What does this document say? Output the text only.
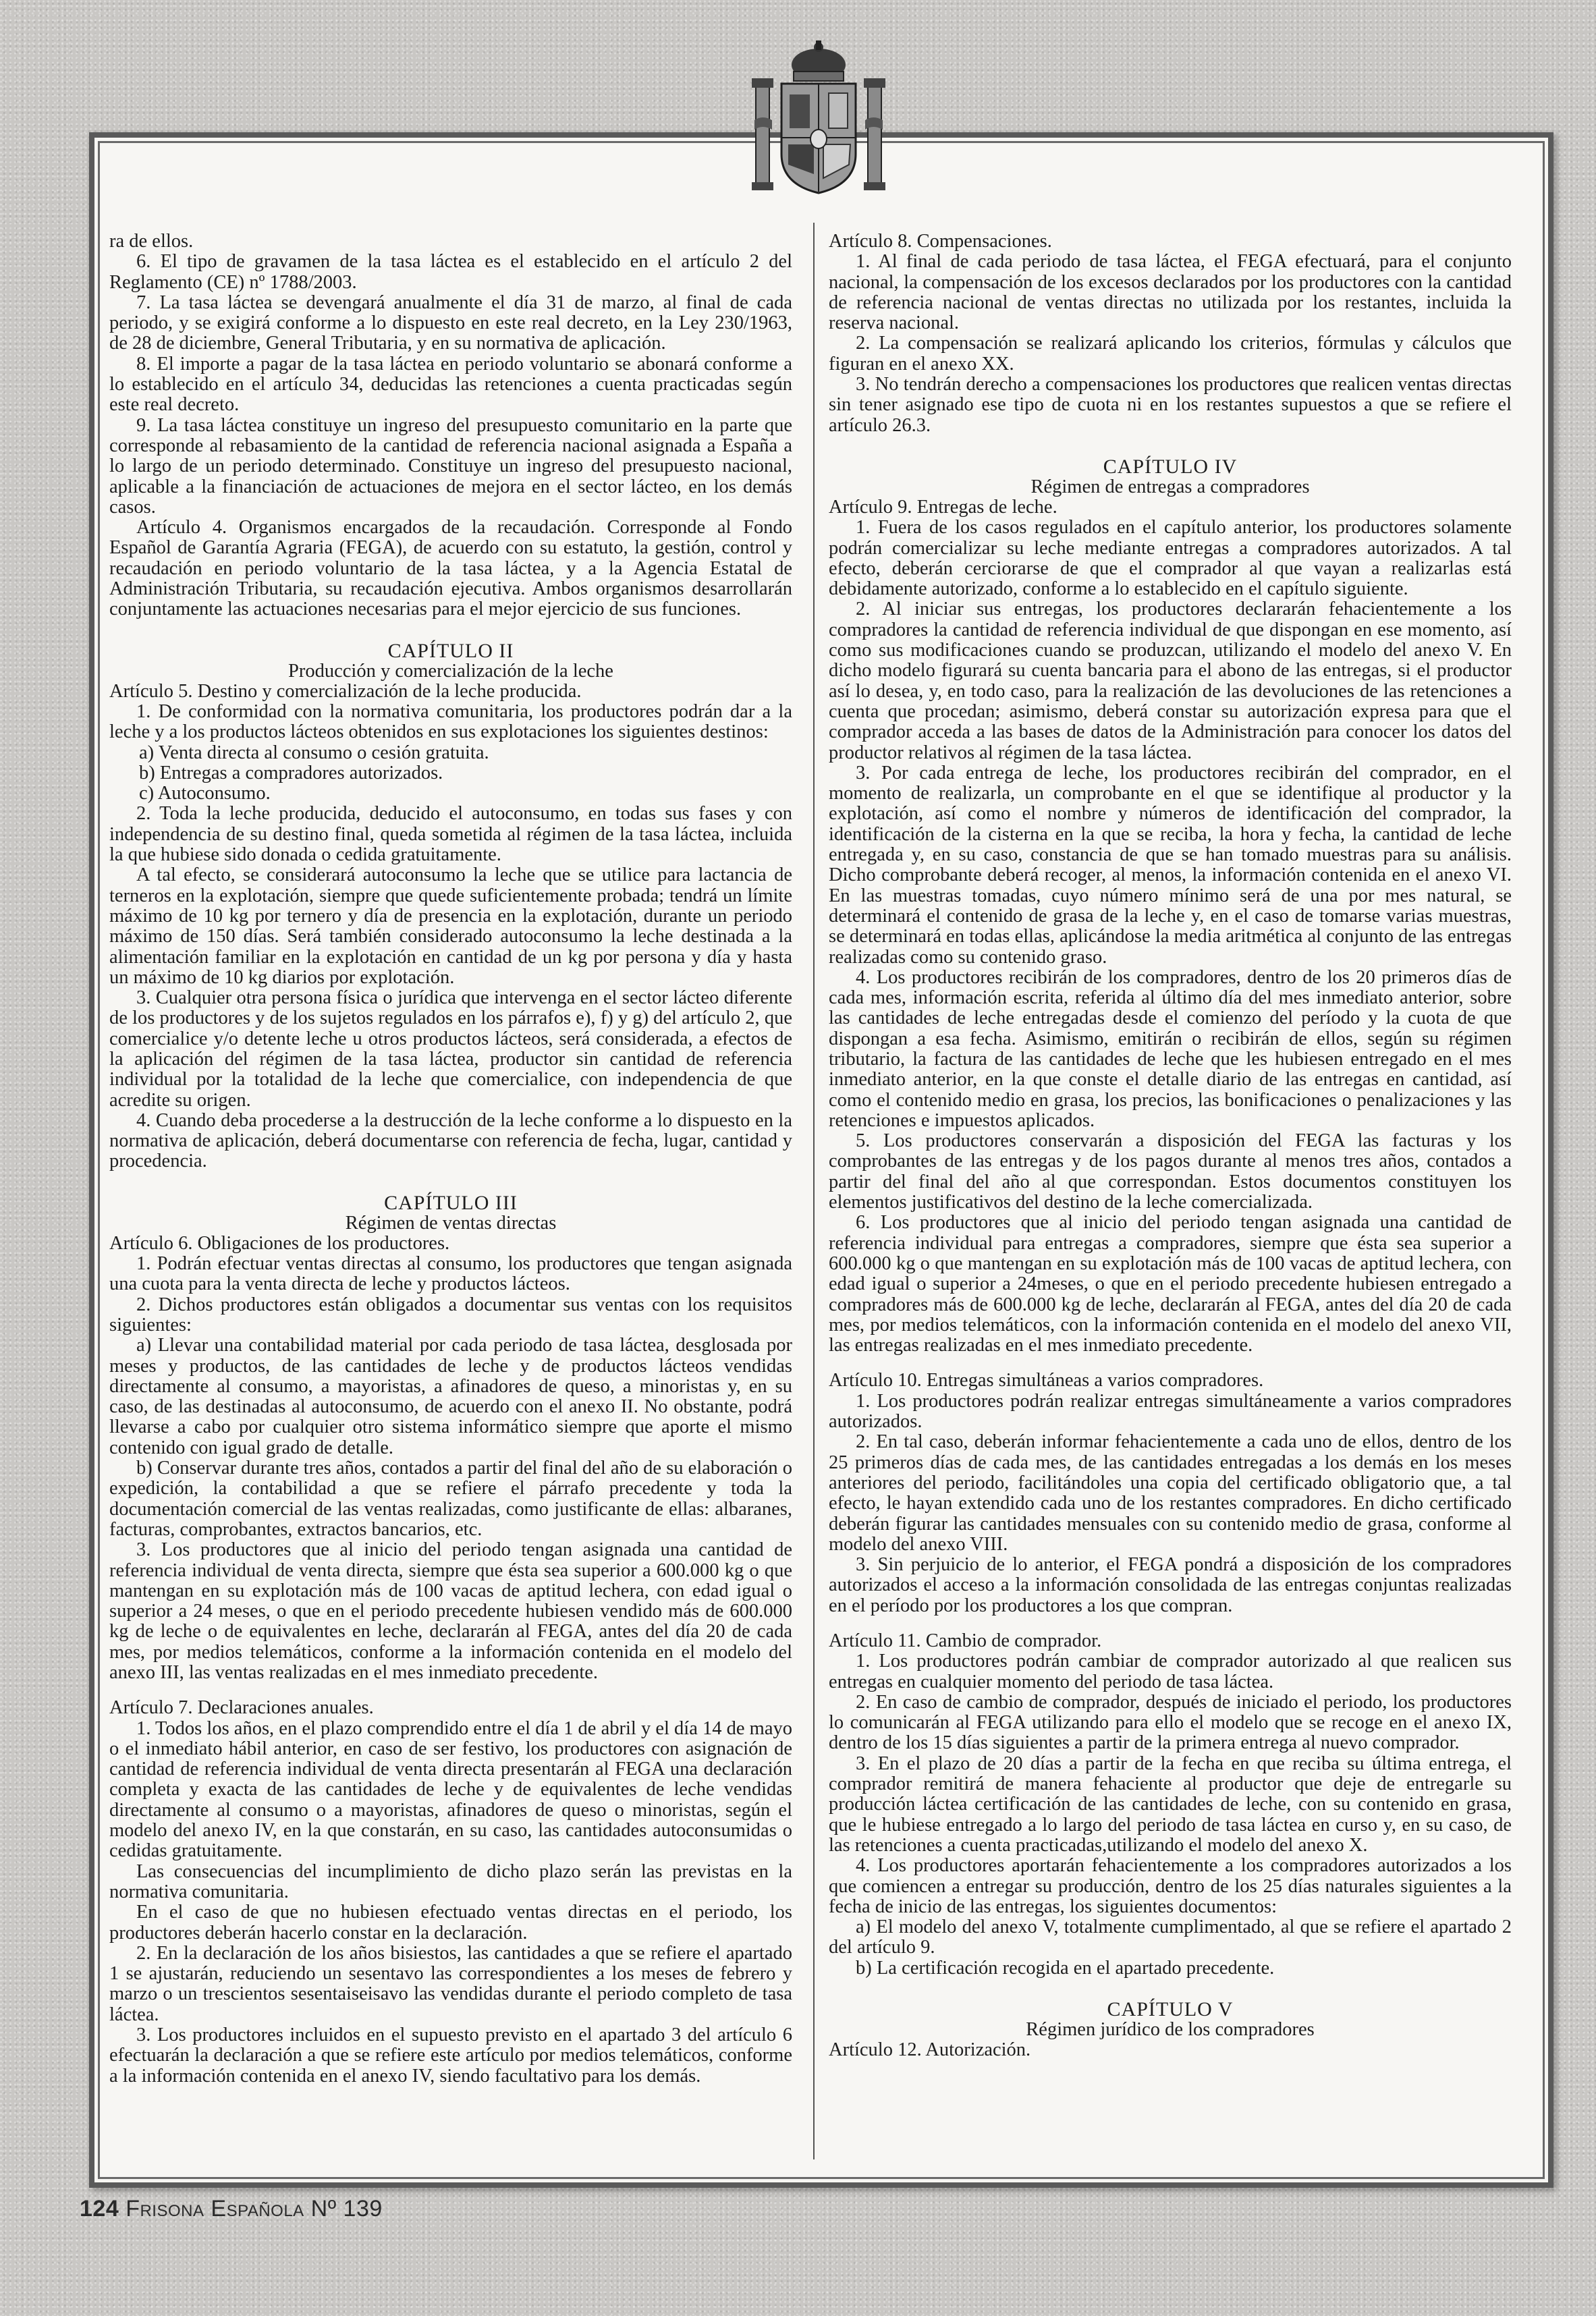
ra de ellos.

6. El tipo de gravamen de la tasa láctea es el establecido en el artículo 2 del Reglamento (CE) nº 1788/2003.

7. La tasa láctea se devengará anualmente el día 31 de marzo, al final de cada periodo, y se exigirá conforme a lo dispuesto en este real decreto, en la Ley 230/1963, de 28 de diciembre, General Tributaria, y en su normativa de aplicación.

8. El importe a pagar de la tasa láctea en periodo voluntario se abonará conforme a lo establecido en el artículo 34, deducidas las retenciones a cuenta practicadas según este real decreto.

9. La tasa láctea constituye un ingreso del presupuesto comunitario en la parte que corresponde al rebasamiento de la cantidad de referencia nacional asignada a España a lo largo de un periodo determinado. Constituye un ingreso del presupuesto nacional, aplicable a la financiación de actuaciones de mejora en el sector lácteo, en los demás casos.

Artículo 4. Organismos encargados de la recaudación. Corresponde al Fondo Español de Garantía Agraria (FEGA), de acuerdo con su estatuto, la gestión, control y recaudación en periodo voluntario de la tasa láctea, y a la Agencia Estatal de Administración Tributaria, su recaudación ejecutiva. Ambos organismos desarrollarán conjuntamente las actuaciones necesarias para el mejor ejercicio de sus funciones.

CAPÍTULO II
Producción y comercialización de la leche

Artículo 5. Destino y comercialización de la leche producida.

1. De conformidad con la normativa comunitaria, los productores podrán dar a la leche y a los productos lácteos obtenidos en sus explotaciones los siguientes destinos:

a) Venta directa al consumo o cesión gratuita.

b) Entregas a compradores autorizados.

c) Autoconsumo.

2. Toda la leche producida, deducido el autoconsumo, en todas sus fases y con independencia de su destino final, queda sometida al régimen de la tasa láctea, incluida la que hubiese sido donada o cedida gratuitamente.

A tal efecto, se considerará autoconsumo la leche que se utilice para lactancia de terneros en la explotación, siempre que quede suficientemente probada; tendrá un límite máximo de 10 kg por ternero y día de presencia en la explotación, durante un periodo máximo de 150 días. Será también considerado autoconsumo la leche destinada a la alimentación familiar en la explotación en cantidad de un kg por persona y día y hasta un máximo de 10 kg diarios por explotación.

3. Cualquier otra persona física o jurídica que intervenga en el sector lácteo diferente de los productores y de los sujetos regulados en los párrafos e), f) y g) del artículo 2, que comercialice y/o detente leche u otros productos lácteos, será considerada, a efectos de la aplicación del régimen de la tasa láctea, productor sin cantidad de referencia individual por la totalidad de la leche que comercialice, con independencia de que acredite su origen.

4. Cuando deba procederse a la destrucción de la leche conforme a lo dispuesto en la normativa de aplicación, deberá documentarse con referencia de fecha, lugar, cantidad y procedencia.

CAPÍTULO III
Régimen de ventas directas

Artículo 6. Obligaciones de los productores.

1. Podrán efectuar ventas directas al consumo, los productores que tengan asignada una cuota para la venta directa de leche y productos lácteos.

2. Dichos productores están obligados a documentar sus ventas con los requisitos siguientes:

a) Llevar una contabilidad material por cada periodo de tasa láctea, desglosada por meses y productos, de las cantidades de leche y de productos lácteos vendidas directamente al consumo, a mayoristas, a afinadores de queso, a minoristas y, en su caso, de las destinadas al autoconsumo, de acuerdo con el anexo II. No obstante, podrá llevarse a cabo por cualquier otro sistema informático siempre que aporte el mismo contenido con igual grado de detalle.

b) Conservar durante tres años, contados a partir del final del año de su elaboración o expedición, la contabilidad a que se refiere el párrafo precedente y toda la documentación comercial de las ventas realizadas, como justificante de ellas: albaranes, facturas, comprobantes, extractos bancarios, etc.

3. Los productores que al inicio del periodo tengan asignada una cantidad de referencia individual de venta directa, siempre que ésta sea superior a 600.000 kg o que mantengan en su explotación más de 100 vacas de aptitud lechera, con edad igual o superior a 24 meses, o que en el periodo precedente hubiesen vendido más de 600.000 kg de leche o de equivalentes en leche, declararán al FEGA, antes del día 20 de cada mes, por medios telemáticos, conforme a la información contenida en el modelo del anexo III, las ventas realizadas en el mes inmediato precedente.

Artículo 7. Declaraciones anuales.

1. Todos los años, en el plazo comprendido entre el día 1 de abril y el día 14 de mayo o el inmediato hábil anterior, en caso de ser festivo, los productores con asignación de cantidad de referencia individual de venta directa presentarán al FEGA una declaración completa y exacta de las cantidades de leche y de equivalentes de leche vendidas directamente al consumo o a mayoristas, afinadores de queso o minoristas, según el modelo del anexo IV, en la que constarán, en su caso, las cantidades autoconsumidas o cedidas gratuitamente.

Las consecuencias del incumplimiento de dicho plazo serán las previstas en la normativa comunitaria.

En el caso de que no hubiesen efectuado ventas directas en el periodo, los productores deberán hacerlo constar en la declaración.

2. En la declaración de los años bisiestos, las cantidades a que se refiere el apartado 1 se ajustarán, reduciendo un sesentavo las correspondientes a los meses de febrero y marzo o un trescientos sesentaiseisavo las vendidas durante el periodo completo de tasa láctea.

3. Los productores incluidos en el supuesto previsto en el apartado 3 del artículo 6 efectuarán la declaración a que se refiere este artículo por medios telemáticos, conforme a la información contenida en el anexo IV, siendo facultativo para los demás.

Artículo 8. Compensaciones.

1. Al final de cada periodo de tasa láctea, el FEGA efectuará, para el conjunto nacional, la compensación de los excesos declarados por los productores con la cantidad de referencia nacional de ventas directas no utilizada por los restantes, incluida la reserva nacional.

2. La compensación se realizará aplicando los criterios, fórmulas y cálculos que figuran en el anexo XX.

3. No tendrán derecho a compensaciones los productores que realicen ventas directas sin tener asignado ese tipo de cuota ni en los restantes supuestos a que se refiere el artículo 26.3.

CAPÍTULO IV
Régimen de entregas a compradores

Artículo 9. Entregas de leche.

1. Fuera de los casos regulados en el capítulo anterior, los productores solamente podrán comercializar su leche mediante entregas a compradores autorizados. A tal efecto, deberán cerciorarse de que el comprador al que vayan a realizarlas está debidamente autorizado, conforme a lo establecido en el capítulo siguiente.

2. Al iniciar sus entregas, los productores declararán fehacientemente a los compradores la cantidad de referencia individual de que dispongan en ese momento, así como sus modificaciones cuando se produzcan, utilizando el modelo del anexo V. En dicho modelo figurará su cuenta bancaria para el abono de las entregas, si el productor así lo desea, y, en todo caso, para la realización de las devoluciones de las retenciones a cuenta que procedan; asimismo, deberá constar su autorización expresa para que el comprador acceda a las bases de datos de la Administración para conocer los datos del productor relativos al régimen de la tasa láctea.

3. Por cada entrega de leche, los productores recibirán del comprador, en el momento de realizarla, un comprobante en el que se identifique al productor y la explotación, así como el nombre y números de identificación del comprador, la identificación de la cisterna en la que se reciba, la hora y fecha, la cantidad de leche entregada y, en su caso, constancia de que se han tomado muestras para su análisis. Dicho comprobante deberá recoger, al menos, la información contenida en el anexo VI. En las muestras tomadas, cuyo número mínimo será de una por mes natural, se determinará el contenido de grasa de la leche y, en el caso de tomarse varias muestras, se determinará en todas ellas, aplicándose la media aritmética al conjunto de las entregas realizadas como su contenido graso.

4. Los productores recibirán de los compradores, dentro de los 20 primeros días de cada mes, información escrita, referida al último día del mes inmediato anterior, sobre las cantidades de leche entregadas desde el comienzo del período y la cuota de que dispongan a esa fecha. Asimismo, emitirán o recibirán de ellos, según su régimen tributario, la factura de las cantidades de leche que les hubiesen entregado en el mes inmediato anterior, en la que conste el detalle diario de las entregas en cantidad, así como el contenido medio en grasa, los precios, las bonificaciones o penalizaciones y las retenciones e impuestos aplicados.

5. Los productores conservarán a disposición del FEGA las facturas y los comprobantes de las entregas y de los pagos durante al menos tres años, contados a partir del final del año al que correspondan. Estos documentos constituyen los elementos justificativos del destino de la leche comercializada.

6. Los productores que al inicio del periodo tengan asignada una cantidad de referencia individual para entregas a compradores, siempre que ésta sea superior a 600.000 kg o que mantengan en su explotación más de 100 vacas de aptitud lechera, con edad igual o superior a 24meses, o que en el periodo precedente hubiesen entregado a compradores más de 600.000 kg de leche, declararán al FEGA, antes del día 20 de cada mes, por medios telemáticos, con la información contenida en el modelo del anexo VII, las entregas realizadas en el mes inmediato precedente.

Artículo 10. Entregas simultáneas a varios compradores.

1. Los productores podrán realizar entregas simultáneamente a varios compradores autorizados.

2. En tal caso, deberán informar fehacientemente a cada uno de ellos, dentro de los 25 primeros días de cada mes, de las cantidades entregadas a los demás en los meses anteriores del periodo, facilitándoles una copia del certificado obligatorio que, a tal efecto, le hayan extendido cada uno de los restantes compradores. En dicho certificado deberán figurar las cantidades mensuales con su contenido medio de grasa, conforme al modelo del anexo VIII.

3. Sin perjuicio de lo anterior, el FEGA pondrá a disposición de los compradores autorizados el acceso a la información consolidada de las entregas conjuntas realizadas en el período por los productores a los que compran.

Artículo 11. Cambio de comprador.

1. Los productores podrán cambiar de comprador autorizado al que realicen sus entregas en cualquier momento del periodo de tasa láctea.

2. En caso de cambio de comprador, después de iniciado el periodo, los productores lo comunicarán al FEGA utilizando para ello el modelo que se recoge en el anexo IX, dentro de los 15 días siguientes a partir de la primera entrega al nuevo comprador.

3. En el plazo de 20 días a partir de la fecha en que reciba su última entrega, el comprador remitirá de manera fehaciente al productor que deje de entregarle su producción láctea certificación de las cantidades de leche, con su contenido en grasa, que le hubiese entregado a lo largo del periodo de tasa láctea en curso y, en su caso, de las retenciones a cuenta practicadas,utilizando el modelo del anexo X.

4. Los productores aportarán fehacientemente a los compradores autorizados a los que comiencen a entregar su producción, dentro de los 25 días naturales siguientes a la fecha de inicio de las entregas, los siguientes documentos:

a) El modelo del anexo V, totalmente cumplimentado, al que se refiere el apartado 2 del artículo 9.

b) La certificación recogida en el apartado precedente.

CAPÍTULO V
Régimen jurídico de los compradores

Artículo 12. Autorización.

124 Frisona Española Nº 139
